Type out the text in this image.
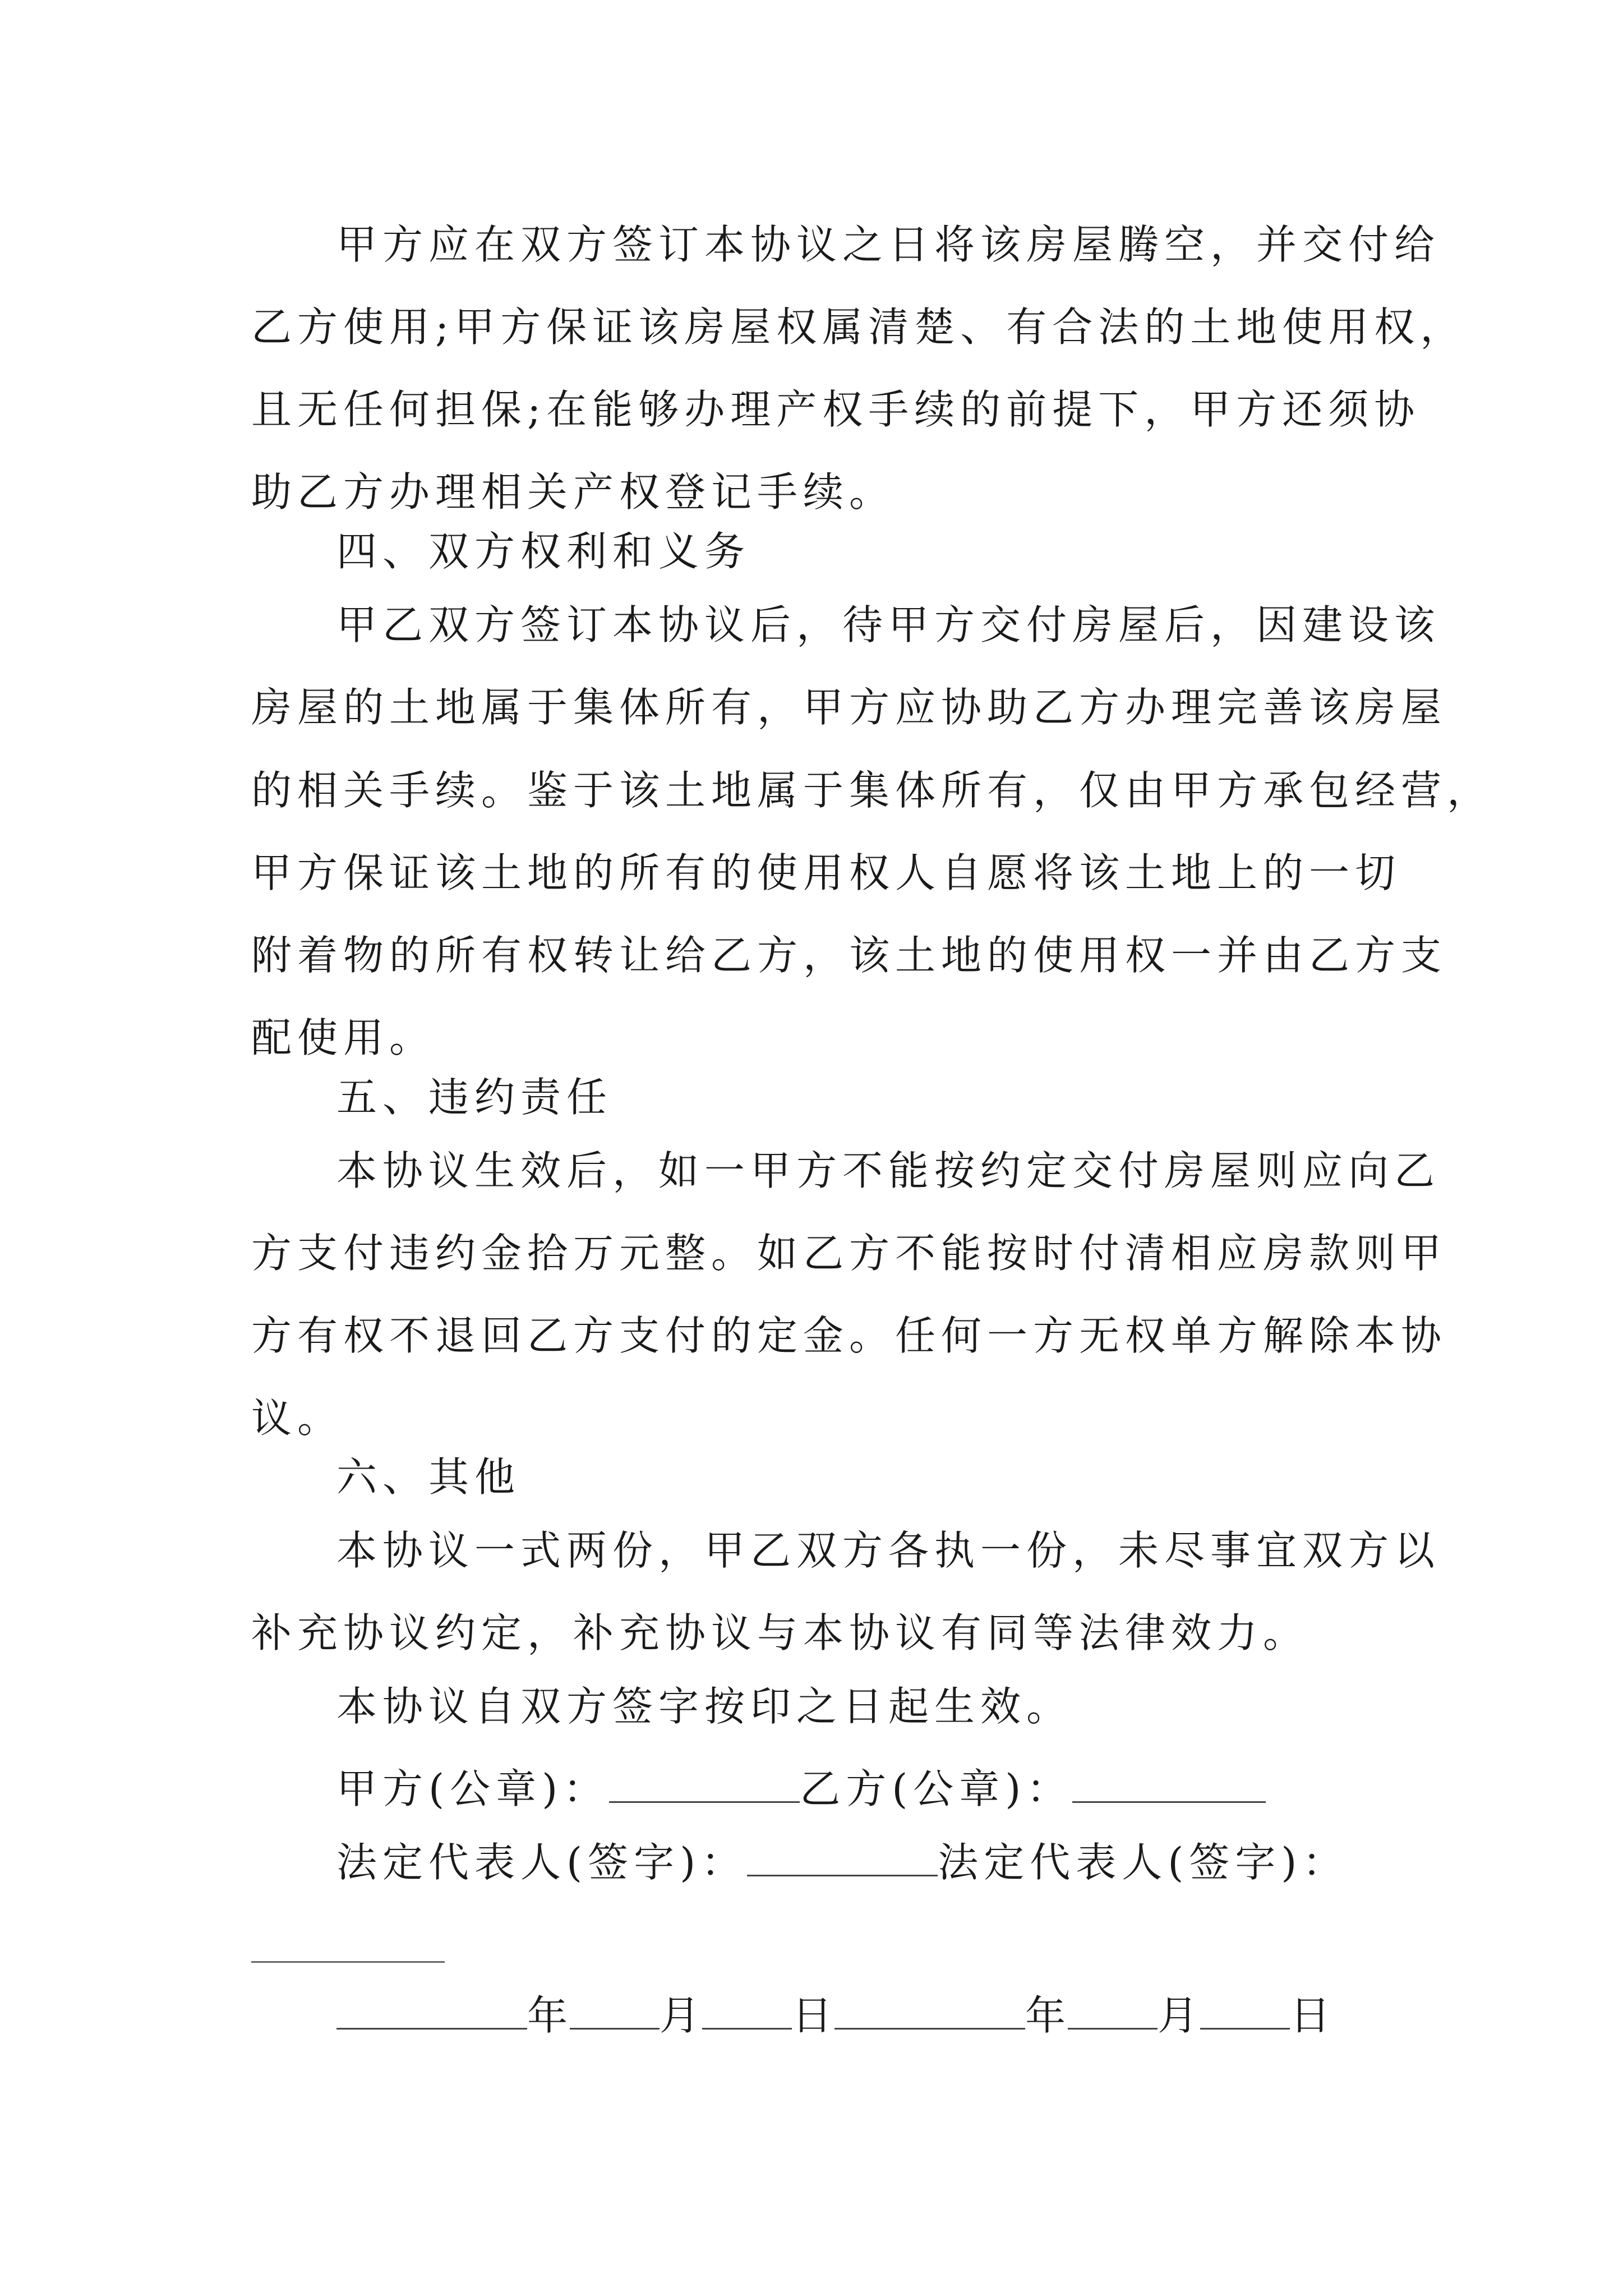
甲方应在双方签订本协议之日将该房屋腾空，并交付给

乙方使用;甲方保证该房屋权属清楚、有合法的土地使用权，

且无任何担保;在能够办理产权手续的前提下，甲方还须协

助乙方办理相关产权登记手续。

四、双方权利和义务

甲乙双方签订本协议后，待甲方交付房屋后，因建设该

房屋的土地属于集体所有，甲方应协助乙方办理完善该房屋

的相关手续。鉴于该土地属于集体所有，仅由甲方承包经营，

甲方保证该土地的所有的使用权人自愿将该土地上的一切

附着物的所有权转让给乙方，该土地的使用权一并由乙方支

配使用。

五、违约责任

本协议生效后，如一甲方不能按约定交付房屋则应向乙

方支付违约金拾万元整。如乙方不能按时付清相应房款则甲

方有权不退回乙方支付的定金。任何一方无权单方解除本协

议。

六、其他

本协议一式两份，甲乙双方各执一份，未尽事宜双方以

补充协议约定，补充协议与本协议有同等法律效力。

本协议自双方签字按印之日起生效。

甲方(公章)：	乙方(公章)：

法定代表人(签字)：	法定代表人(签字)：

年 月 日	年 月 日
